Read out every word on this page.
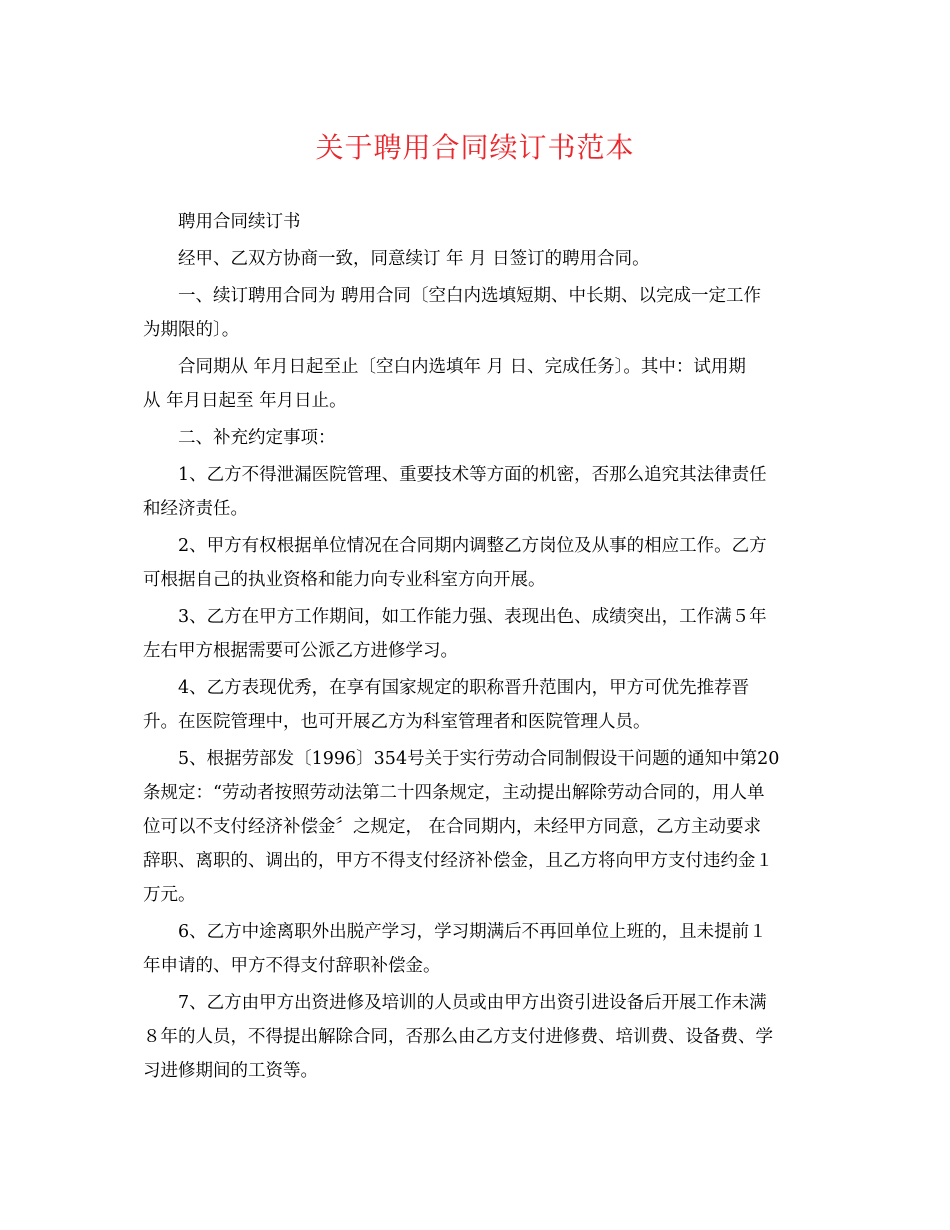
关于聘用合同续订书范本

聘用合同续订书

经甲、乙双方协商一致，同意续订 年 月 日签订的聘用合同。

一、续订聘用合同为 聘用合同〔空白内选填短期、中长期、以完成一定工作
为期限的〕。

合同期从 年月日起至止〔空白内选填年 月 日、完成任务〕。其中：试用期
从 年月日起至 年月日止。

二、补充约定事项：

1、乙方不得泄漏医院管理、重要技术等方面的机密，否那么追究其法律责任
和经济责任。

2、甲方有权根据单位情况在合同期内调整乙方岗位及从事的相应工作。乙方
可根据自己的执业资格和能力向专业科室方向开展。

3、乙方在甲方工作期间，如工作能力强、表现出色、成绩突出，工作满５年
左右甲方根据需要可公派乙方进修学习。

4、乙方表现优秀，在享有国家规定的职称晋升范围内，甲方可优先推荐晋
升。在医院管理中，也可开展乙方为科室管理者和医院管理人员。

5、根据劳部发〔1996〕354号关于实行劳动合同制假设干问题的通知中第20
条规定：“劳动者按照劳动法第二十四条规定，主动提出解除劳动合同的，用人单
位可以不支付经济补偿金〞之规定， 在合同期内，未经甲方同意，乙方主动要求
辞职、离职的、调出的，甲方不得支付经济补偿金，且乙方将向甲方支付违约金１
万元。

6、乙方中途离职外出脱产学习，学习期满后不再回单位上班的，且未提前１
年申请的、甲方不得支付辞职补偿金。

7、乙方由甲方出资进修及培训的人员或由甲方出资引进设备后开展工作未满
８年的人员，不得提出解除合同，否那么由乙方支付进修费、培训费、设备费、学
习进修期间的工资等。
